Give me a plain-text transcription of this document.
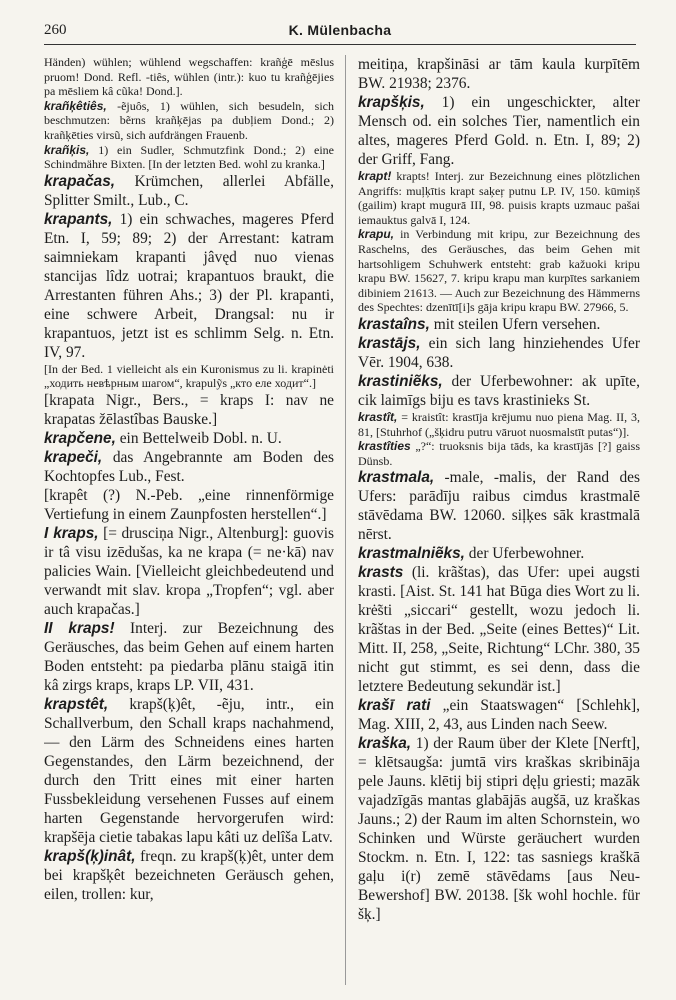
260	K. Mülenbacha
Händen) wühlen; wühlend wegschaffen: krañģē mēslus pruom! Dond. Refl. -tiês, wühlen (intr.): kuo tu krañģējies pa mēsliem kâ cũka! Dond.].
krañķêtiês, -ẽjuôs, 1) wühlen, sich besudeln, sich beschmutzen: bẽrns krañķējas pa dubļiem Dond.; 2) krañķēties virsũ, sich aufdrängen Frauenb.
krañķis, 1) ein Sudler, Schmutzfink Dond.; 2) eine Schindmähre Bixten. [In der letzten Bed. wohl zu kranka.]
krapačas, Krümchen, allerlei Abfälle, Splitter Smilt., Lub., C.
krapants, 1) ein schwaches, mageres Pferd Etn. I, 59; 89; 2) der Arrestant: katram saimniekam krapanti jâvęd nuo vienas stancijas lîdz uotrai; krapantuos braukt, die Arrestanten führen Ahs.; 3) der Pl. krapanti, eine schwere Arbeit, Drangsal: nu ir krapantuos, jetzt ist es schlimm Selg. n. Etn. IV, 97.
[In der Bed. 1 vielleicht als ein Kuronismus zu li. krapinėti „ходить невѣрным шагом“, krapulỹs „кто еле ходит“.]
[krapata Nigr., Bers., = kraps I: nav ne krapatas žēlastîbas Bauske.]
krapčene, ein Bettelweib Dobl. n. U.
krapeči, das Angebrannte am Boden des Kochtopfes Lub., Fest.
[krapêt (?) N.-Peb. „eine rinnenförmige Vertiefung in einem Zaunpfosten herstellen“.]
I kraps, [= drusciņa Nigr., Altenburg]: guovis ir tâ visu izēdušas, ka ne krapa (= ne·kā) nav palicies Wain. [Vielleicht gleichbedeutend und verwandt mit slav. kropa „Tropfen“; vgl. aber auch krapačas.]
II kraps! Interj. zur Bezeichnung des Geräusches, das beim Gehen auf einem harten Boden entsteht: pa piedarba plānu staigā itin kâ zirgs kraps, kraps LP. VII, 431.
krapstêt, krapš(ķ)êt, -ẽju, intr., ein Schallverbum, den Schall kraps nachahmend, — den Lärm des Schneidens eines harten Gegenstandes, den Lärm bezeichnend, der durch den Tritt eines mit einer harten Fussbekleidung versehenen Fusses auf einem harten Gegenstande hervorgerufen wird: krapšēja cietie tabakas lapu kâti uz delîša Latv.
krapš(ķ)inât, freqn. zu krapš(ķ)êt, unter dem bei krapšķêt bezeichneten Geräusch gehen, eilen, trollen: kur,
meitiņa, krapšināsi ar tām kaula kurpītēm BW. 21938; 2376.
krapšķis, 1) ein ungeschickter, alter Mensch od. ein solches Tier, namentlich ein altes, mageres Pferd Gold. n. Etn. I, 89; 2) der Griff, Fang.
krapt! krapts! Interj. zur Bezeichnung eines plötzlichen Angriffs: muļķītis krapt saķeŗ putnu LP. IV, 150. kūmiņš (gailim) krapt mugurā III, 98. puisis krapts uzmauc pašai iemauktus galvā I, 124.
krapu, in Verbindung mit kripu, zur Bezeichnung des Raschelns, des Geräusches, das beim Gehen mit hartsohligem Schuhwerk entsteht: grab kažuoki kripu krapu BW. 15627, 7. kripu krapu man kurpītes sarkaniem dibiniem 21613. — Auch zur Bezeichnung des Hämmerns des Spechtes: dzenītī[i]s gāja kripu krapu BW. 27966, 5.
krastaîns, mit steilen Ufern versehen.
krastājs, ein sich lang hinziehendes Ufer Vēr. 1904, 638.
krastiniẽks, der Uferbewohner: ak upīte, cik laimīgs biju es tavs krastinieks St.
krastît, = kraistît: krastīja krējumu nuo piena Mag. II, 3, 81, [Stuhrhof („šķidru putru vāruot nuosmalstīt putas“)].
krastîties „?“: truoksnis bija tāds, ka krastījās [?] gaiss Dünsb.
krastmala, -male, -malis, der Rand des Ufers: parādīju raibus cimdus krastmalē stāvēdama BW. 12060. siļķes sāk krastmalā nērst.
krastmalniẽks, der Uferbewohner.
krasts (li. krãštas), das Ufer: upei augsti krasti. [Aist. St. 141 hat Būga dies Wort zu li. krė̃sti „siccari“ gestellt, wozu jedoch li. krãštas in der Bed. „Seite (eines Bettes)“ Lit. Mitt. II, 258, „Seite, Richtung“ LChr. 380, 35 nicht gut stimmt, es sei denn, dass die letztere Bedeutung sekundär ist.]
krašī rati „ein Staatswagen“ [Schlehk], Mag. XIII, 2, 43, aus Linden nach Seew.
kraška, 1) der Raum über der Klete [Nerft], = klētsaugša: jumtā virs kraškas skribināja pele Jauns. klētij bij stipri dęļu griesti; mazāk vajadzīgās mantas glabājās augšā, uz kraškas Jauns.; 2) der Raum im alten Schornstein, wo Schinken und Würste geräuchert wurden Stockm. n. Etn. I, 122: tas sasniegs kraškā gaļu i(r) zemē stāvēdams [aus Neu-Bewershof] BW. 20138. [šk wohl hochle. für šķ.]
